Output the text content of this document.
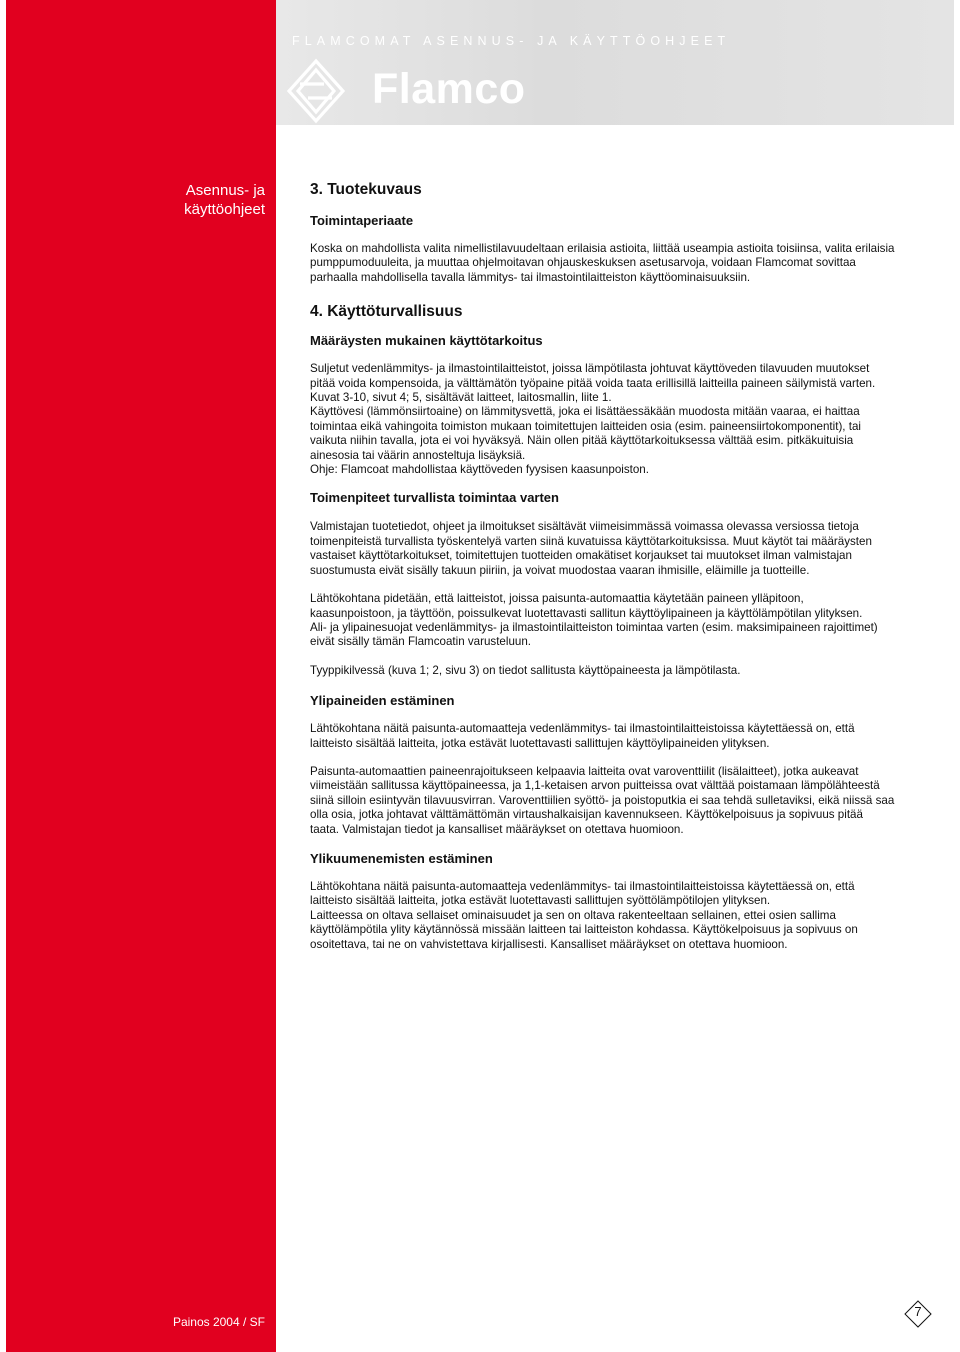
FLAMCOMAT ASENNUS- JA KÄYTTÖOHJEET
Flamco
Asennus- ja
käyttöohjeet
3. Tuotekuvaus
Toimintaperiaate

Koska on mahdollista valita nimellistilavuudeltaan erilaisia astioita, liittää useampia astioita toisiinsa, valita erilaisia
pumppumoduuleita, ja muuttaa ohjelmoitavan ohjauskeskuksen asetusarvoja, voidaan Flamcomat sovittaa
parhaalla mahdollisella tavalla lämmitys- tai ilmastointilaitteiston käyttöominaisuuksiin.

4. Käyttöturvallisuus
Määräysten mukainen käyttötarkoitus

Suljetut vedenlämmitys- ja ilmastointilaitteistot, joissa lämpötilasta johtuvat käyttöveden tilavuuden muutokset
pitää voida kompensoida, ja välttämätön työpaine pitää voida taata erillisillä laitteilla paineen säilymistä varten.
Kuvat 3-10, sivut 4; 5, sisältävät laitteet, laitosmallin, liite 1.
Käyttövesi (lämmönsiirtoaine) on lämmitysvettä, joka ei lisättäessäkään muodosta mitään vaaraa, ei haittaa
toimintaa eikä vahingoita toimiston mukaan toimitettujen laitteiden osia (esim. paineensiirtokomponentit), tai
vaikuta niihin tavalla, jota ei voi hyväksyä. Näin ollen pitää käyttötarkoituksessa välttää esim. pitkäkuituisia
ainesosia tai väärin annosteltuja lisäyksiä.
Ohje: Flamcoat mahdollistaa käyttöveden fyysisen kaasunpoiston.

Toimenpiteet turvallista toimintaa varten

Valmistajan tuotetiedot, ohjeet ja ilmoitukset sisältävät viimeisimmässä voimassa olevassa versiossa tietoja
toimenpiteistä turvallista työskentelyä varten siinä kuvatuissa käyttötarkoituksissa. Muut käytöt tai määräysten
vastaiset käyttötarkoitukset, toimitettujen tuotteiden omakätiset korjaukset tai muutokset ilman valmistajan
suostumusta eivät sisälly takuun piiriin, ja voivat muodostaa vaaran ihmisille, eläimille ja tuotteille.

Lähtökohtana pidetään, että laitteistot, joissa paisunta-automaattia käytetään paineen ylläpitoon,
kaasunpoistoon, ja täyttöön, poissulkevat luotettavasti sallitun käyttöylipaineen ja käyttölämpötilan ylityksen.
Ali- ja ylipainesuojat vedenlämmitys- ja ilmastointilaitteiston toimintaa varten (esim. maksimipaineen rajoittimet)
eivät sisälly tämän Flamcoatin varusteluun.

Tyyppikilvessä (kuva 1; 2, sivu 3) on tiedot sallitusta käyttöpaineesta ja lämpötilasta.

Ylipaineiden estäminen

Lähtökohtana näitä paisunta-automaatteja vedenlämmitys- tai ilmastointilaitteistoissa käytettäessä on, että
laitteisto sisältää laitteita, jotka estävät luotettavasti sallittujen käyttöylipaineiden ylityksen.

Paisunta-automaattien paineenrajoitukseen kelpaavia laitteita ovat varoventtiilit (lisälaitteet), jotka aukeavat
viimeistään sallitussa käyttöpaineessa, ja 1,1-ketaisen arvon puitteissa ovat välttää poistamaan lämpölähteestä
siinä silloin esiintyvän tilavuusvirran. Varoventtiilien syöttö- ja poistoputkia ei saa tehdä sulletaviksi, eikä niissä saa
olla osia, jotka johtavat välttämättömän virtaushalkaisijan kavennukseen. Käyttökelpoisuus ja sopivuus pitää
taata. Valmistajan tiedot ja kansalliset määräykset on otettava huomioon.

Ylikuumenemisten estäminen

Lähtökohtana näitä paisunta-automaatteja vedenlämmitys- tai ilmastointilaitteistoissa käytettäessä on, että
laitteisto sisältää laitteita, jotka estävät luotettavasti sallittujen syöttölämpötilojen ylityksen.
Laitteessa on oltava sellaiset ominaisuudet ja sen on oltava rakenteeltaan sellainen, ettei osien sallima
käyttölämpötila ylity käytännössä missään laitteen tai laitteiston kohdassa. Käyttökelpoisuus ja sopivuus on
osoitettava, tai ne on vahvistettava kirjallisesti. Kansalliset määräykset on otettava huomioon.

Painos 2004 / SF
7
